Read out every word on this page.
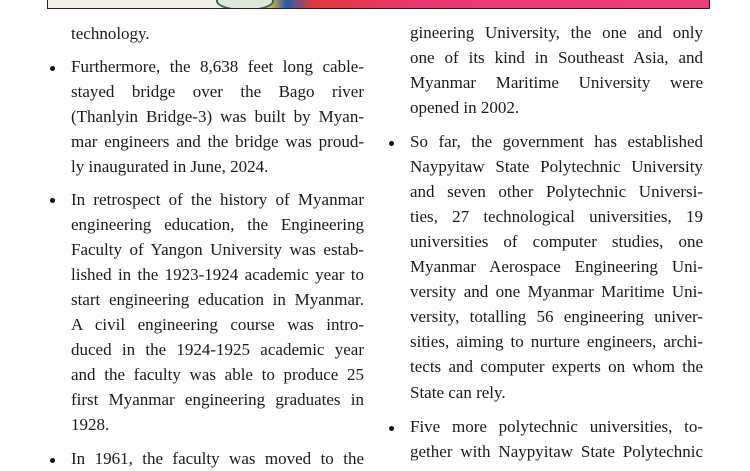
technology.
Furthermore, the 8,638 feet long cable-
stayed bridge over the Bago river
(Thanlyin Bridge-3) was built by Myan-
mar engineers and the bridge was proud-
ly inaugurated in June, 2024.
In retrospect of the history of Myanmar
engineering education, the Engineering
Faculty of Yangon University was estab-
lished in the 1923-1924 academic year to
start engineering education in Myanmar.
A civil engineering course was intro-
duced in the 1924-1925 academic year
and the faculty was able to produce 25
first Myanmar engineering graduates in
1928.
In 1961, the faculty was moved to the
gineering University, the one and only
one of its kind in Southeast Asia, and
Myanmar Maritime University were
opened in 2002.
So far, the government has established
Naypyitaw State Polytechnic University
and seven other Polytechnic Universi-
ties, 27 technological universities, 19
universities of computer studies, one
Myanmar Aerospace Engineering Uni-
versity and one Myanmar Maritime Uni-
versity, totalling 56 engineering univer-
sities, aiming to nurture engineers, archi-
tects and computer experts on whom the
State can rely.
Five more polytechnic universities, to-
gether with Naypyitaw State Polytechnic
